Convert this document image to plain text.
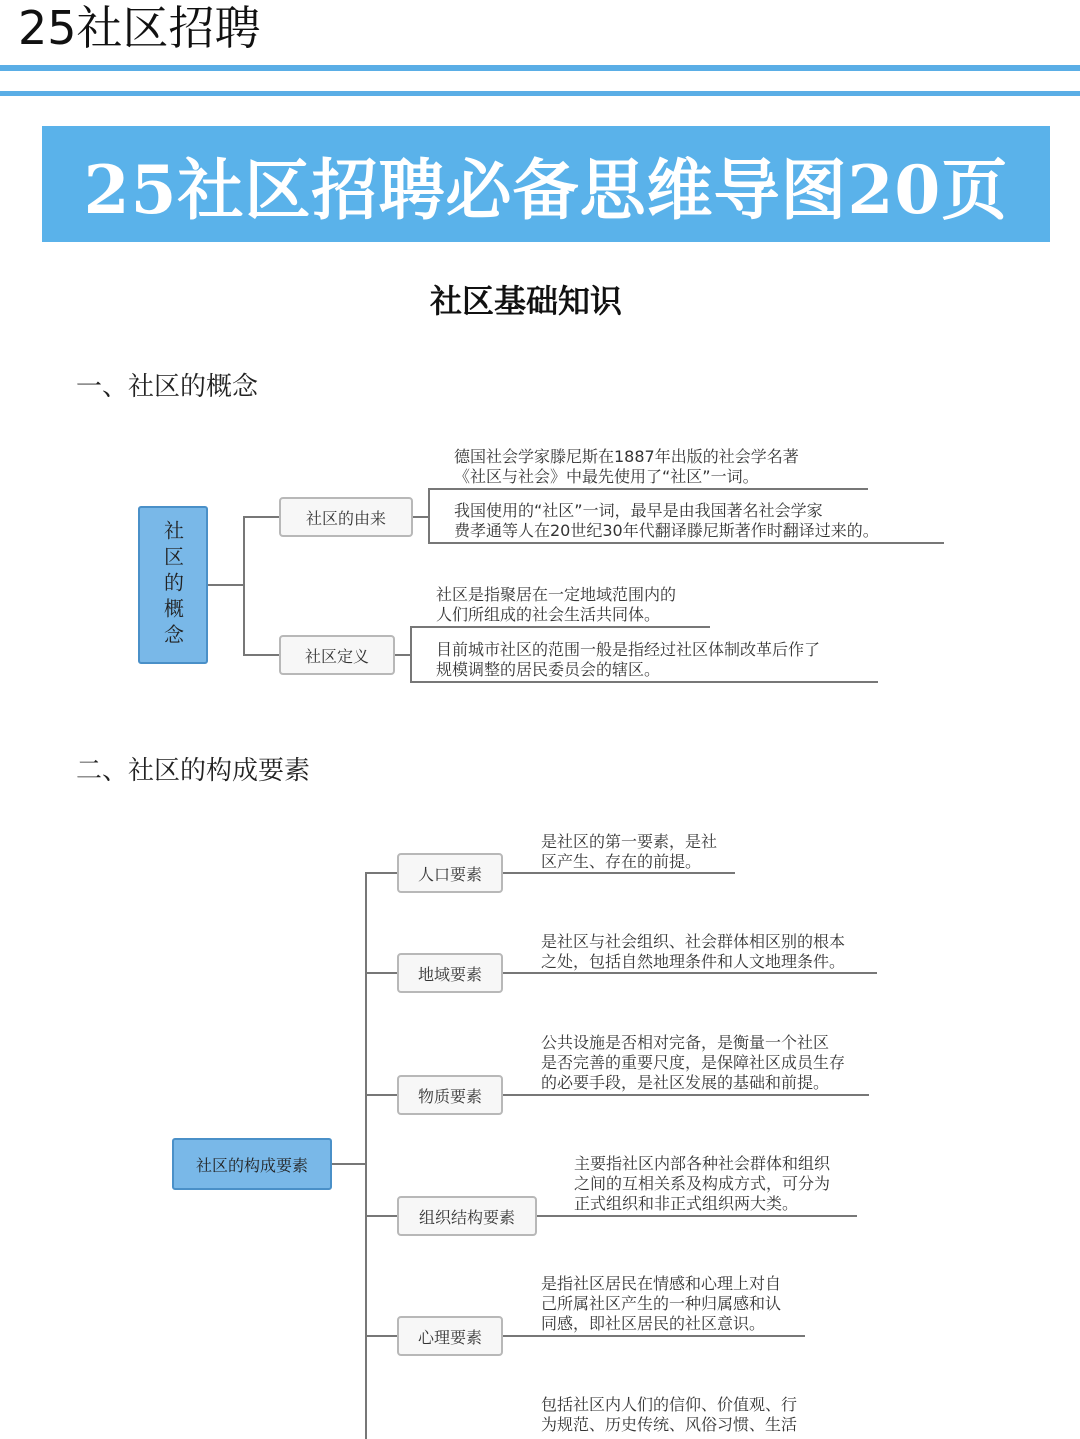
25社区招聘
25社区招聘必备思维导图20页
社区基础知识
一、社区的概念
社区的概念
社区的由来
社区定义
德国社会学家滕尼斯在1887年出版的社会学名著
《社区与社会》中最先使用了“社区”一词。
我国使用的“社区”一词，最早是由我国著名社会学家
费孝通等人在20世纪30年代翻译滕尼斯著作时翻译过来的。
社区是指聚居在一定地域范围内的
人们所组成的社会生活共同体。
目前城市社区的范围一般是指经过社区体制改革后作了
规模调整的居民委员会的辖区。
二、社区的构成要素
社区的构成要素
人口要素
是社区的第一要素，是社
区产生、存在的前提。
地域要素
是社区与社会组织、社会群体相区别的根本
之处，包括自然地理条件和人文地理条件。
物质要素
公共设施是否相对完备，是衡量一个社区
是否完善的重要尺度，是保障社区成员生存
的必要手段，是社区发展的基础和前提。
组织结构要素
主要指社区内部各种社会群体和组织
之间的互相关系及构成方式，可分为
正式组织和非正式组织两大类。
心理要素
是指社区居民在情感和心理上对自
己所属社区产生的一种归属感和认
同感，即社区居民的社区意识。
包括社区内人们的信仰、价值观、行
为规范、历史传统、风俗习惯、生活
